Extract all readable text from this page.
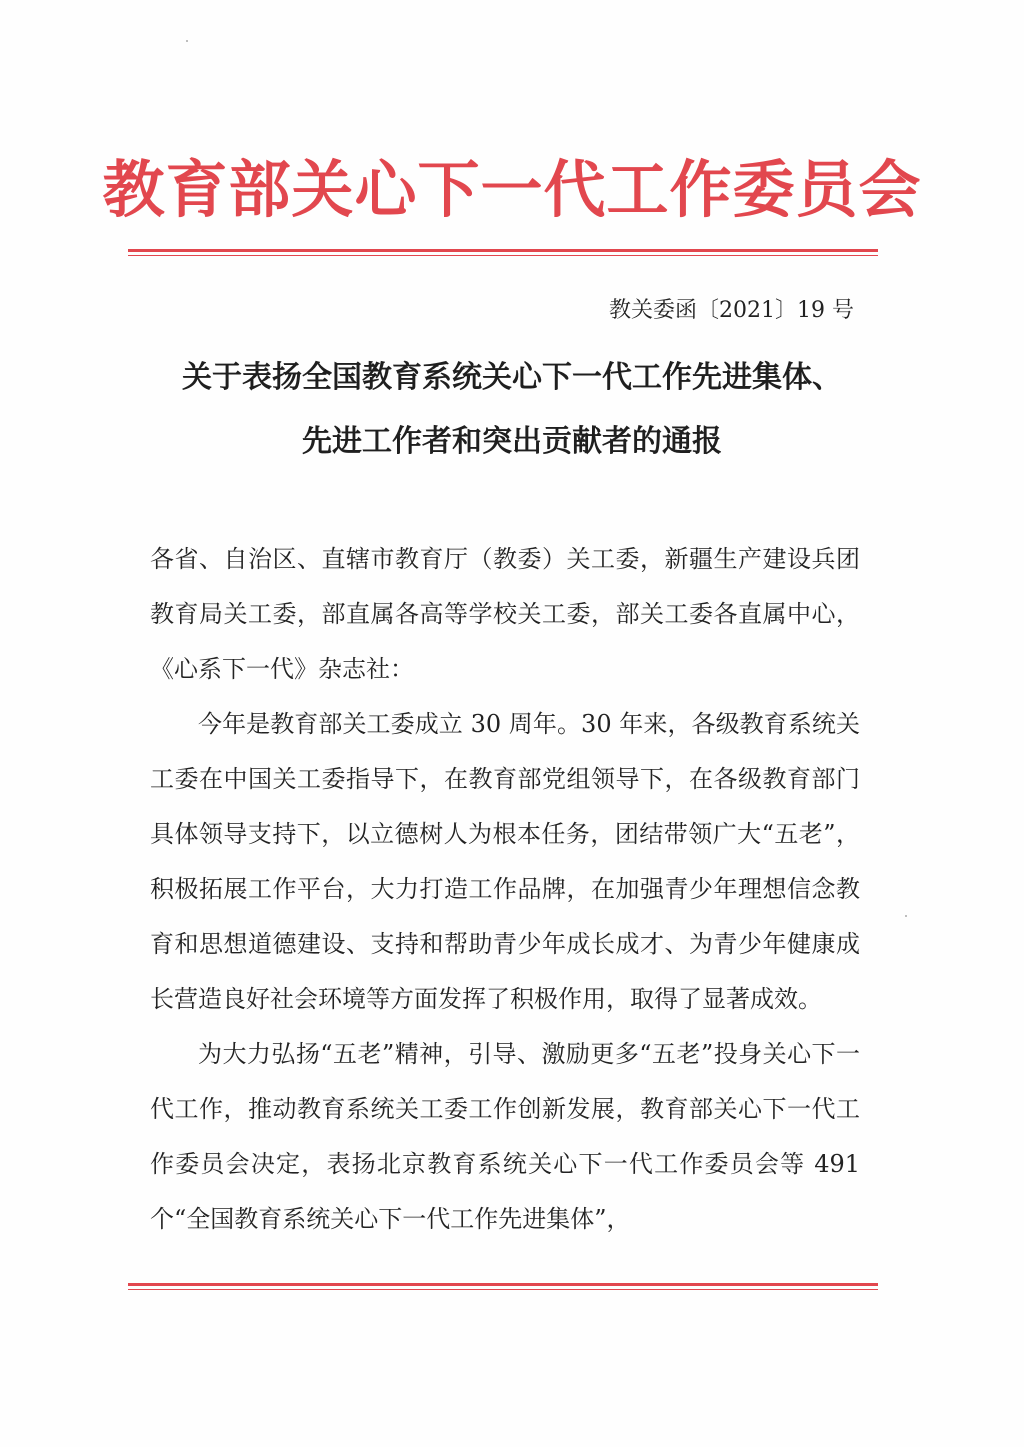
教育部关心下一代工作委员会
教关委函〔2021〕19 号
关于表扬全国教育系统关心下一代工作先进集体、
先进工作者和突出贡献者的通报

各省、自治区、直辖市教育厅（教委）关工委，新疆生产建设兵团教育局关工委，部直属各高等学校关工委，部关工委各直属中心，《心系下一代》杂志社：

今年是教育部关工委成立 30 周年。30 年来，各级教育系统关工委在中国关工委指导下，在教育部党组领导下，在各级教育部门具体领导支持下，以立德树人为根本任务，团结带领广大“五老”，积极拓展工作平台，大力打造工作品牌，在加强青少年理想信念教育和思想道德建设、支持和帮助青少年成长成才、为青少年健康成长营造良好社会环境等方面发挥了积极作用，取得了显著成效。

为大力弘扬“五老”精神，引导、激励更多“五老”投身关心下一代工作，推动教育系统关工委工作创新发展，教育部关心下一代工作委员会决定，表扬北京教育系统关心下一代工作委员会等 491 个“全国教育系统关心下一代工作先进集体”，
